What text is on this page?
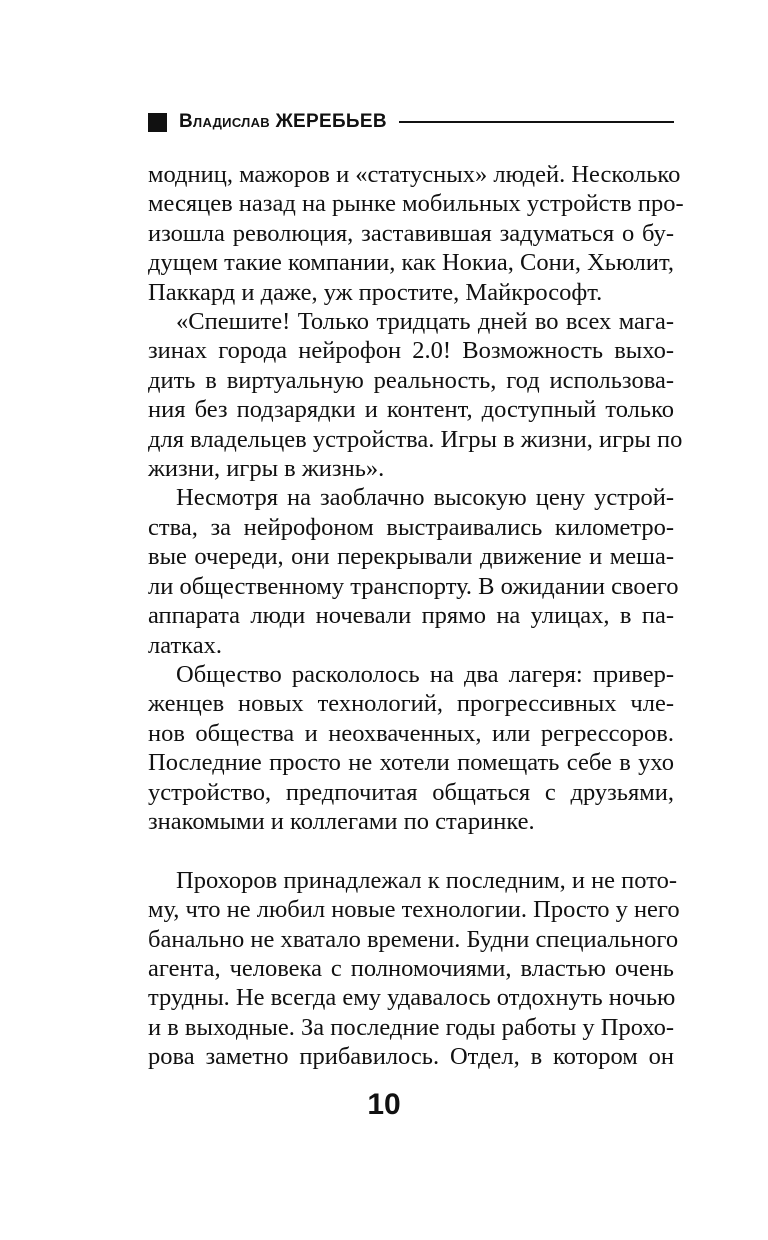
Владислав ЖЕРЕБЬЕВ
модниц, мажоров и «статусных» людей. Несколько
месяцев назад на рынке мобильных устройств про-
изошла революция, заставившая задуматься о бу-
дущем такие компании, как Нокиа, Сони, Хьюлит,
Паккард и даже, уж простите, Майкрософт.
«Спешите! Только тридцать дней во всех мага-
зинах города нейрофон 2.0! Возможность выхо-
дить в виртуальную реальность, год использова-
ния без подзарядки и контент, доступный только
для владельцев устройства. Игры в жизни, игры по
жизни, игры в жизнь».
Несмотря на заоблачно высокую цену устрой-
ства, за нейрофоном выстраивались километро-
вые очереди, они перекрывали движение и меша-
ли общественному транспорту. В ожидании своего
аппарата люди ночевали прямо на улицах, в па-
латках.
Общество раскололось на два лагеря: привер-
женцев новых технологий, прогрессивных чле-
нов общества и неохваченных, или регрессоров.
Последние просто не хотели помещать себе в ухо
устройство, предпочитая общаться с друзьями,
знакомыми и коллегами по старинке.
Прохоров принадлежал к последним, и не пото-
му, что не любил новые технологии. Просто у него
банально не хватало времени. Будни специального
агента, человека с полномочиями, властью очень
трудны. Не всегда ему удавалось отдохнуть ночью
и в выходные. За последние годы работы у Прохо-
рова заметно прибавилось. Отдел, в котором он
10
